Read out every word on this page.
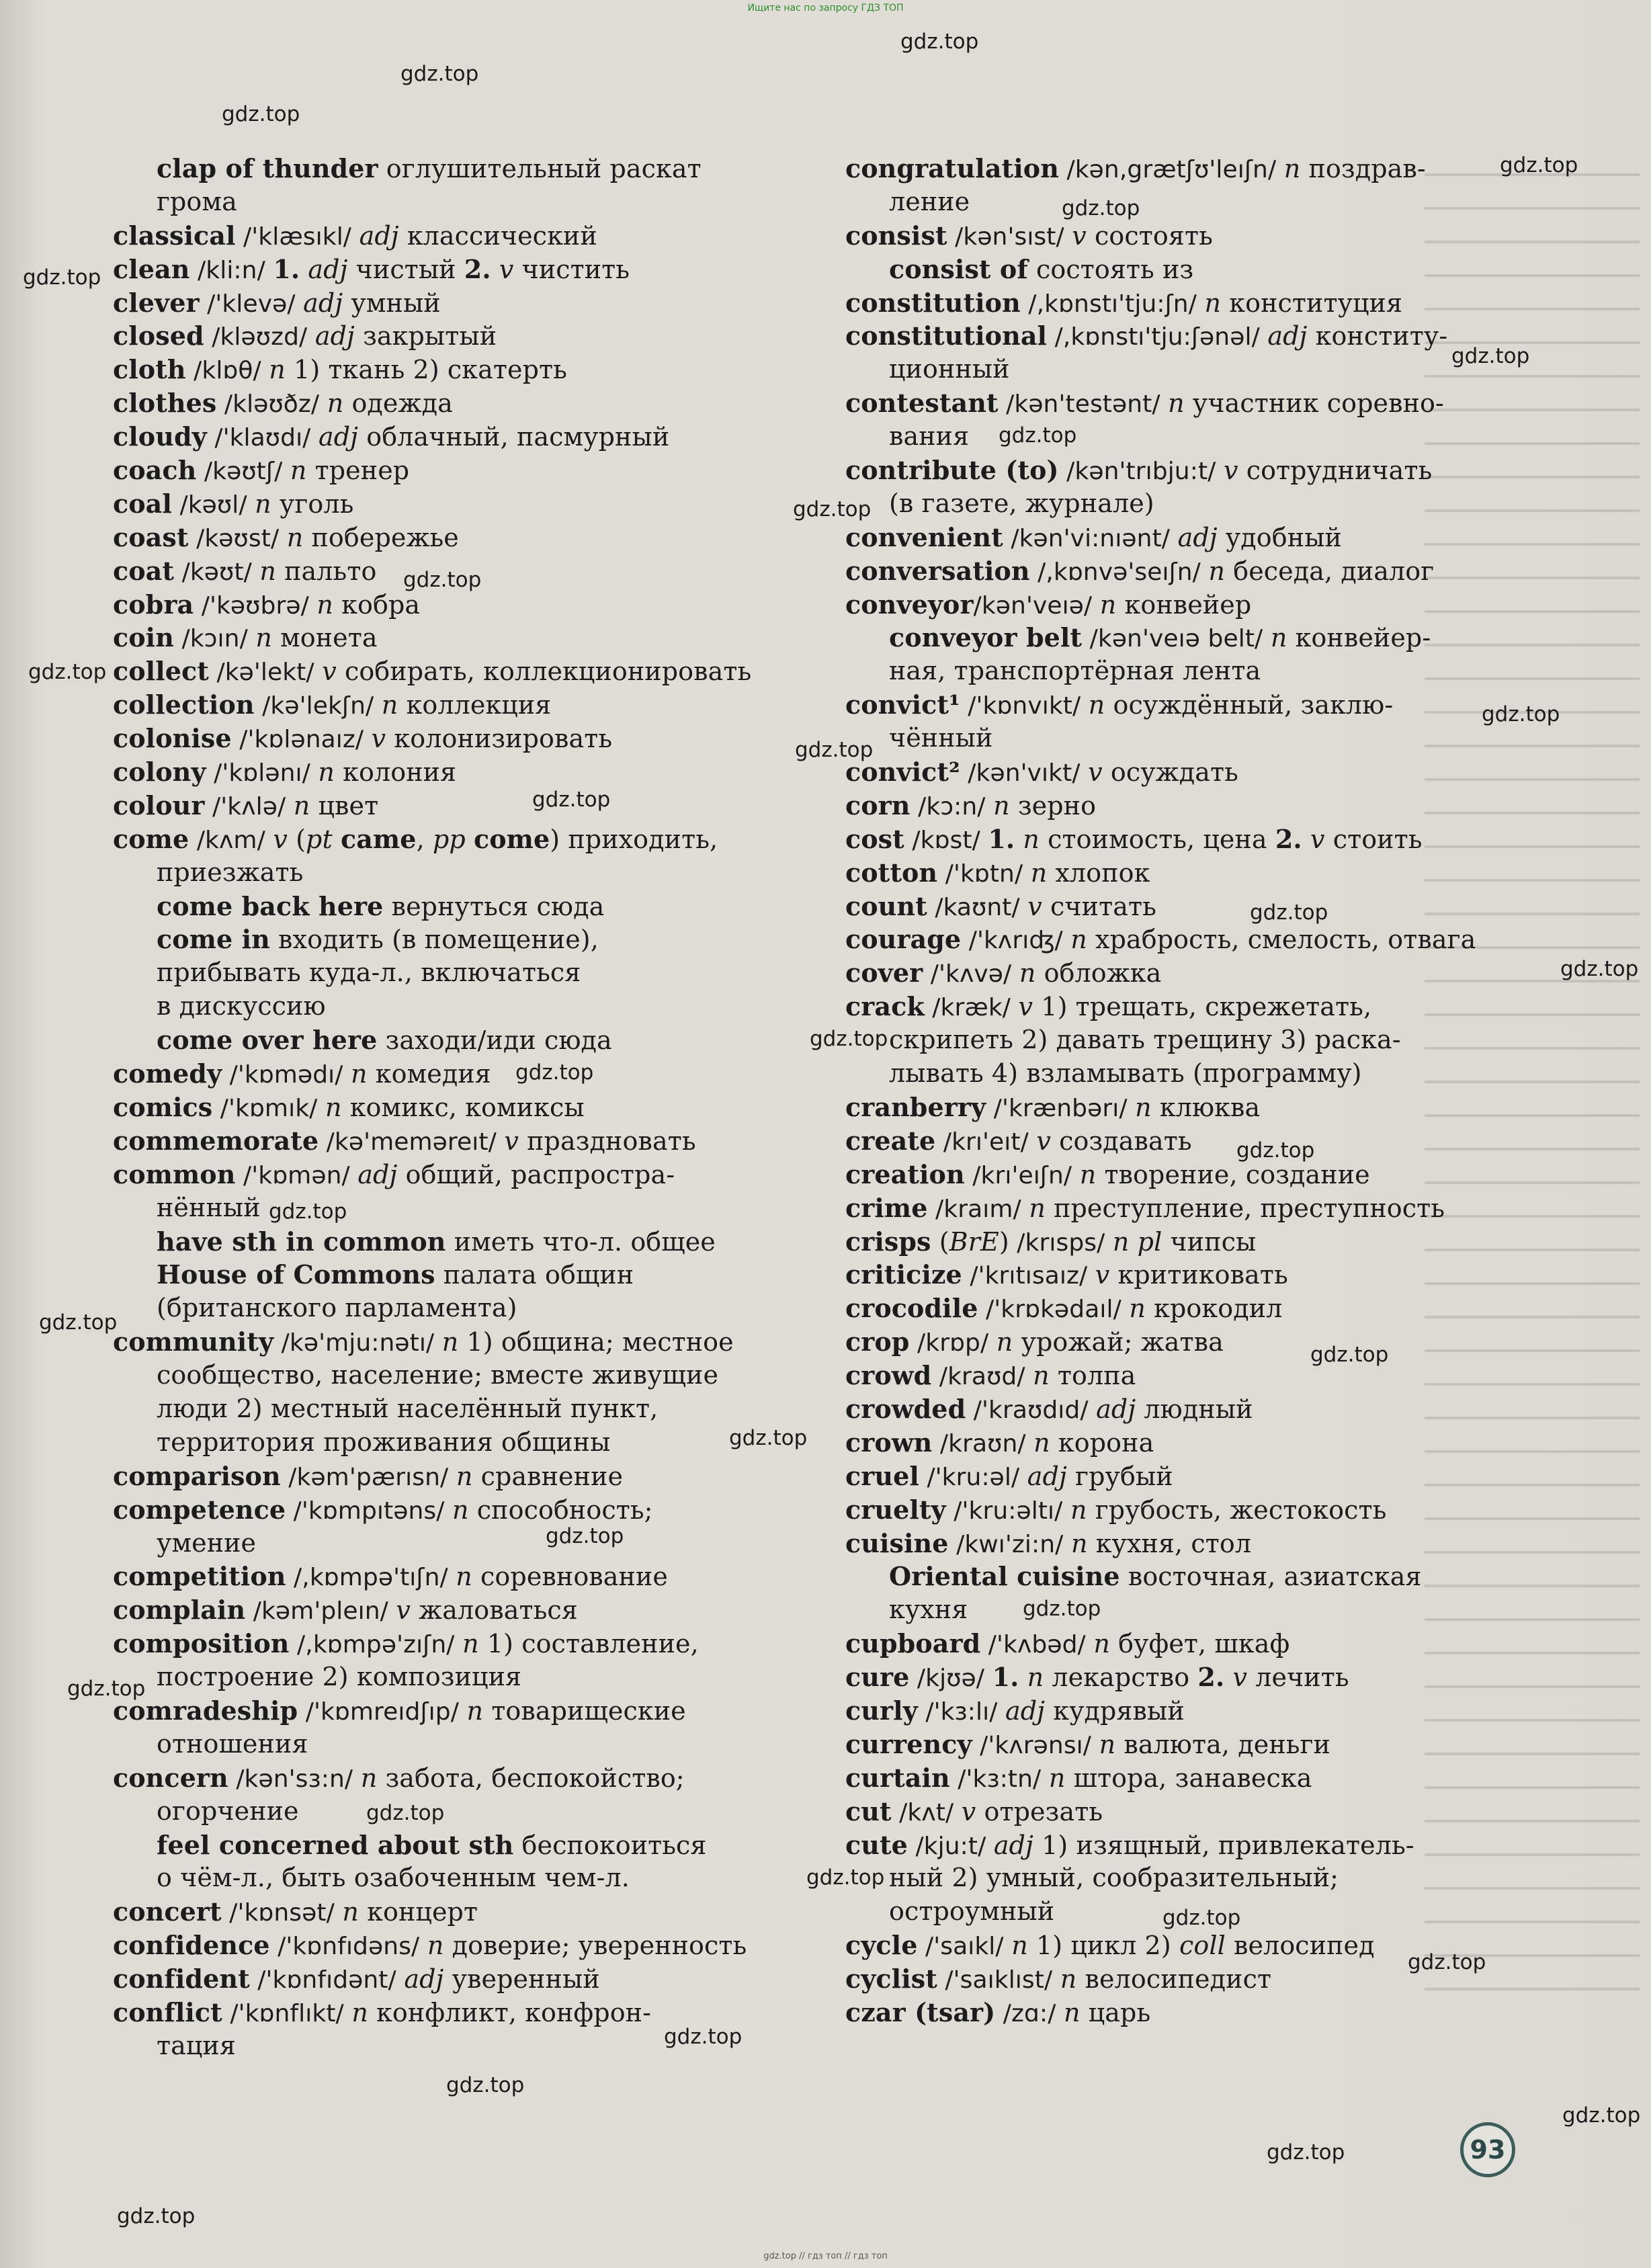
Ищите нас по запросу ГДЗ ТОП
clap of thunder оглушительный раскат
грома
classical /'klæsıkl/ adj классический
clean /kli:n/ 1. adj чистый 2. v чистить
clever /'klevə/ adj умный
closed /kləʊzd/ adj закрытый
cloth /klɒθ/ n 1) ткань 2) скатерть
clothes /kləʊðz/ n одежда
cloudy /'klaʊdı/ adj облачный, пасмурный
coach /kəʊtʃ/ n тренер
coal /kəʊl/ n уголь
coast /kəʊst/ n побережье
coat /kəʊt/ n пальто
cobra /'kəʊbrə/ n кобра
coin /kɔın/ n монета
collect /kə'lekt/ v собирать, коллекционировать
collection /kə'lekʃn/ n коллекция
colonise /'kɒlənaız/ v колонизировать
colony /'kɒlənı/ n колония
colour /'kʌlə/ n цвет
come /kʌm/ v (pt came, pp come) приходить,
приезжать
come back here вернуться сюда
come in входить (в помещение),
прибывать куда-л., включаться
в дискуссию
come over here заходи/иди сюда
comedy /'kɒmədı/ n комедия
comics /'kɒmık/ n комикс, комиксы
commemorate /kə'meməreıt/ v праздновать
common /'kɒmən/ adj общий, распростра-
нённый
have sth in common иметь что-л. общее
House of Commons палата общин
(британского парламента)
community /kə'mju:nətı/ n 1) община; местное
сообщество, население; вместе живущие
люди 2) местный населённый пункт,
территория проживания общины
comparison /kəm'pærısn/ n сравнение
competence /'kɒmpıtəns/ n способность;
умение
competition /,kɒmpə'tıʃn/ n соревнование
complain /kəm'pleın/ v жаловаться
composition /,kɒmpə'zıʃn/ n 1) составление,
построение 2) композиция
comradeship /'kɒmreıdʃıp/ n товарищеские
отношения
concern /kən'sɜ:n/ n забота, беспокойство;
огорчение
feel concerned about sth беспокоиться
о чём-л., быть озабоченным чем-л.
concert /'kɒnsət/ n концерт
confidence /'kɒnfıdəns/ n доверие; уверенность
confident /'kɒnfıdənt/ adj уверенный
conflict /'kɒnflıkt/ n конфликт, конфрон-
тация
congratulation /kən,grætʃʊ'leıʃn/ n поздрав-
ление
consist /kən'sıst/ v состоять
consist of состоять из
constitution /,kɒnstı'tju:ʃn/ n конституция
constitutional /,kɒnstı'tju:ʃənəl/ adj конститу-
ционный
contestant /kən'testənt/ n участник соревно-
вания
contribute (to) /kən'trıbju:t/ v сотрудничать
(в газете, журнале)
convenient /kən'vi:nıənt/ adj удобный
conversation /,kɒnvə'seıʃn/ n беседа, диалог
conveyor/kən'veıə/ n конвейер
conveyor belt /kən'veıə belt/ n конвейер-
ная, транспортёрная лента
convict¹ /'kɒnvıkt/ n осуждённый, заклю-
чённый
convict² /kən'vıkt/ v осуждать
corn /kɔ:n/ n зерно
cost /kɒst/ 1. n стоимость, цена 2. v стоить
cotton /'kɒtn/ n хлопок
count /kaʊnt/ v считать
courage /'kʌrıʤ/ n храбрость, смелость, отвага
cover /'kʌvə/ n обложка
crack /kræk/ v 1) трещать, скрежетать,
скрипеть 2) давать трещину 3) раска-
лывать 4) взламывать (программу)
cranberry /'krænbərı/ n клюква
create /krı'eıt/ v создавать
creation /krı'eıʃn/ n творение, создание
crime /kraım/ n преступление, преступность
crisps (BrE) /krısps/ n pl чипсы
criticize /'krıtısaız/ v критиковать
crocodile /'krɒkədaıl/ n крокодил
crop /krɒp/ n урожай; жатва
crowd /kraʊd/ n толпа
crowded /'kraʊdıd/ adj людный
crown /kraʊn/ n корона
cruel /'kru:əl/ adj грубый
cruelty /'kru:əltı/ n грубость, жестокость
cuisine /kwı'zi:n/ n кухня, стол
Oriental cuisine восточная, азиатская
кухня
cupboard /'kʌbəd/ n буфет, шкаф
cure /kjʊə/ 1. n лекарство 2. v лечить
curly /'kɜ:lı/ adj кудрявый
currency /'kʌrənsı/ n валюта, деньги
curtain /'kɜ:tn/ n штора, занавеска
cut /kʌt/ v отрезать
cute /kju:t/ adj 1) изящный, привлекатель-
ный 2) умный, сообразительный;
остроумный
cycle /'saıkl/ n 1) цикл 2) coll велосипед
cyclist /'saıklıst/ n велосипедист
czar (tsar) /zɑ:/ n царь
gdz.top
gdz.top
gdz.top
gdz.top
gdz.top
gdz.top
gdz.top
gdz.top
gdz.top
gdz.top
gdz.top
gdz.top
gdz.top
gdz.top
gdz.top
gdz.top
gdz.top
gdz.top
gdz.top
gdz.top
gdz.top
gdz.top
gdz.top
gdz.top
gdz.top
gdz.top
gdz.top
gdz.top
gdz.top
gdz.top
gdz.top
gdz.top
gdz.top
gdz.top
gdz.top
93
gdz.top // гдз топ // гдз топ
